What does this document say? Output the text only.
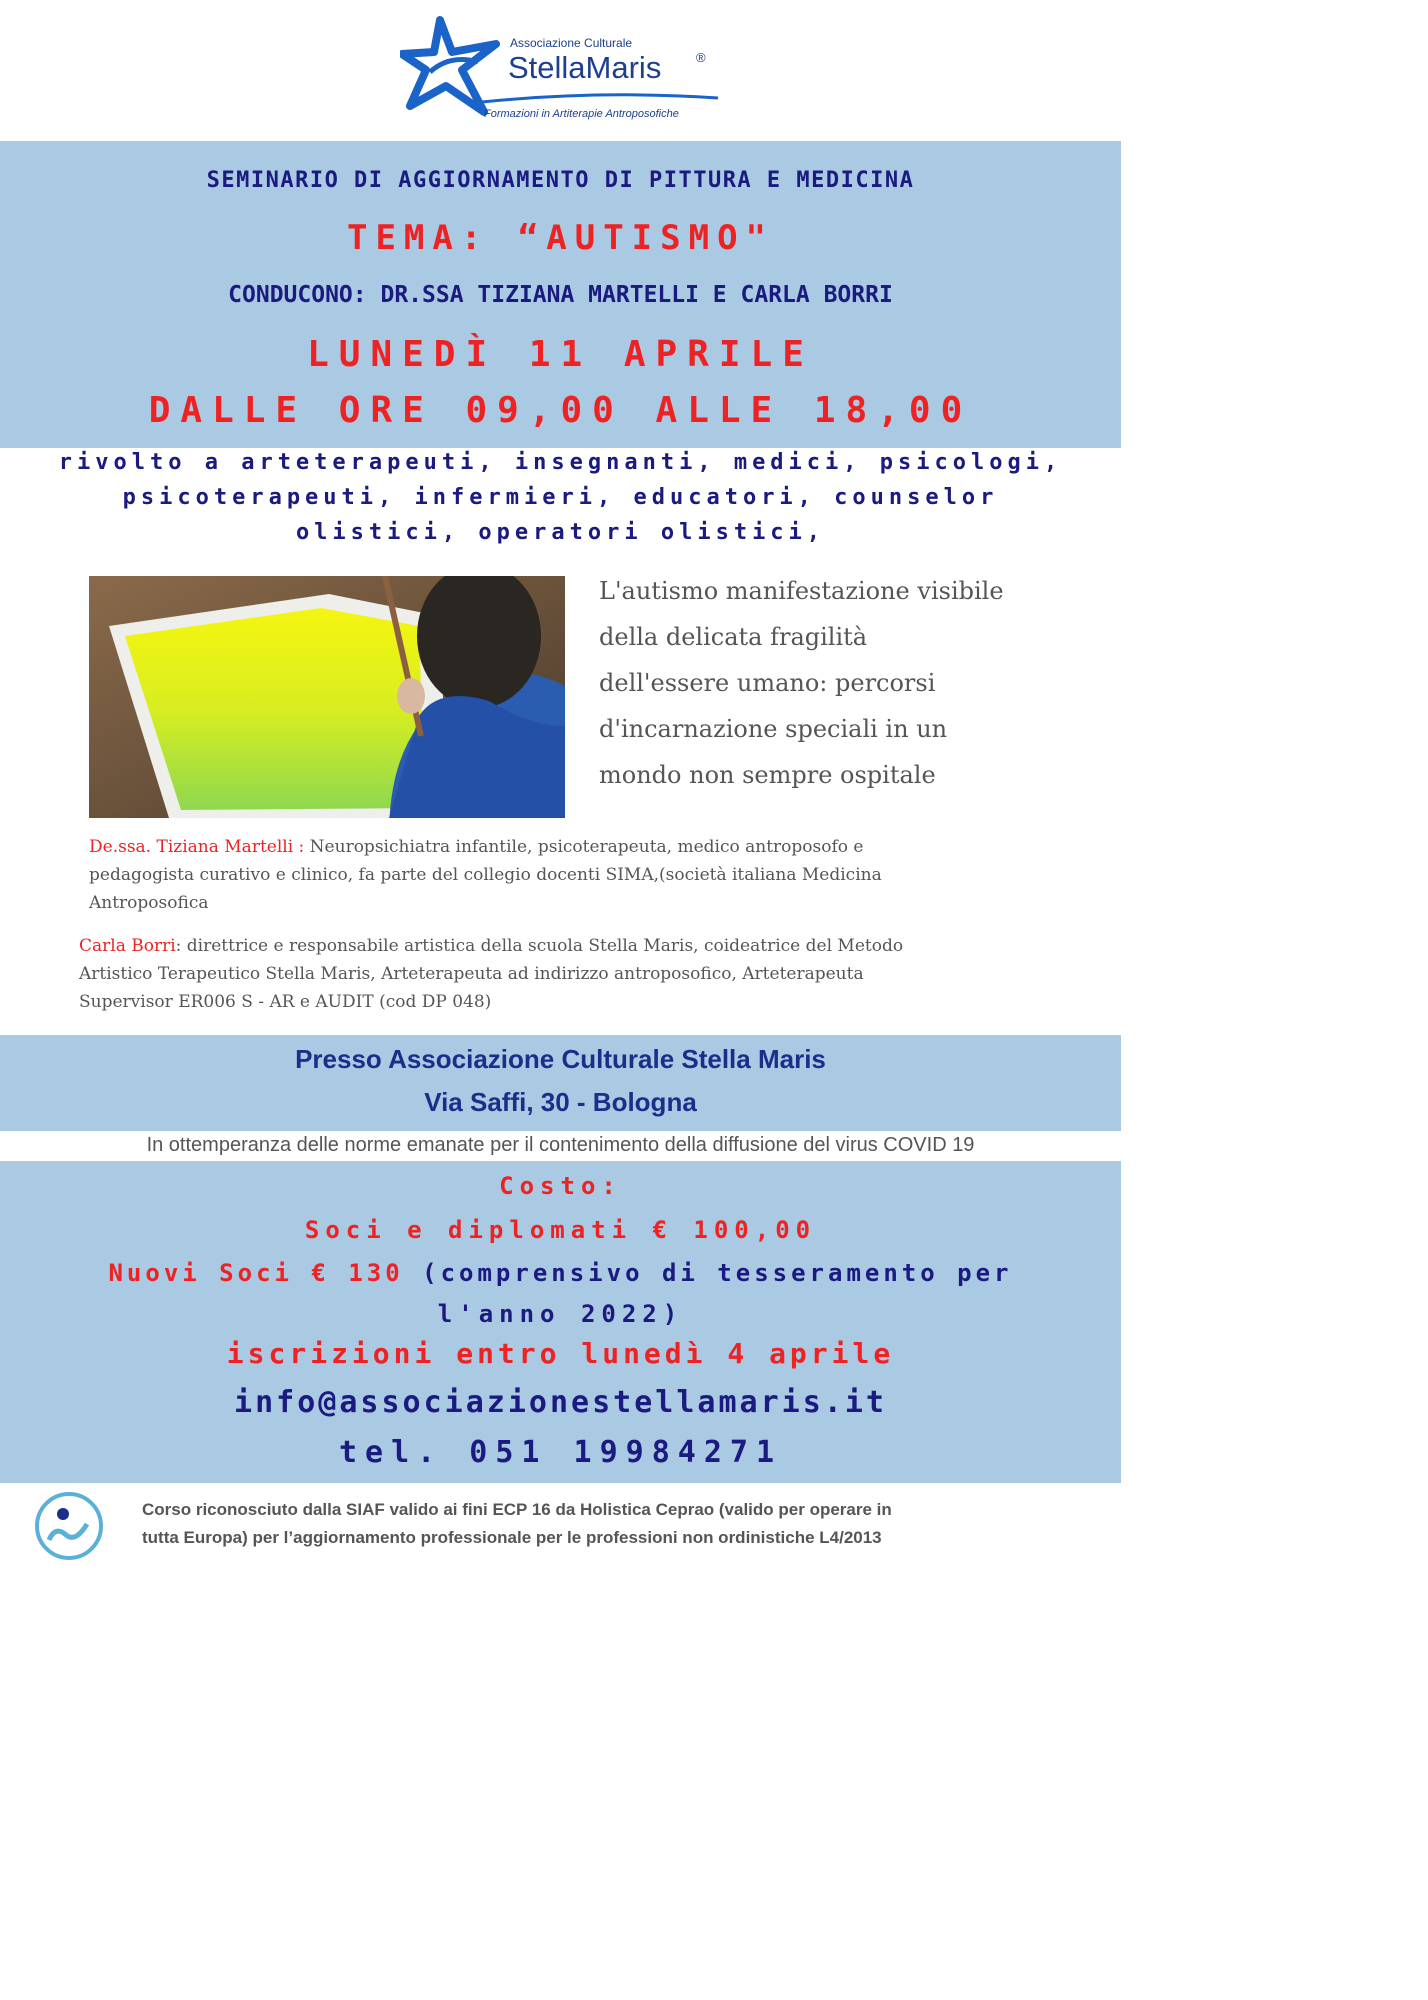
Associazione Culturale
StellaMaris	®
Formazioni in Artiterapie Antroposofiche
SEMINARIO DI AGGIORNAMENTO DI PITTURA E MEDICINA
TEMA: “AUTISMO"
CONDUCONO: DR.SSA TIZIANA MARTELLI E CARLA BORRI
LUNEDÌ 11 APRILE
DALLE ORE 09,00 ALLE 18,00
rivolto a arteterapeuti, insegnanti, medici, psicologi,
psicoterapeuti, infermieri, educatori, counselor
olistici, operatori olistici,
L'autismo manifestazione visibile
della delicata fragilità
dell'essere umano: percorsi
d'incarnazione speciali in un
mondo non sempre ospitale
De.ssa. Tiziana Martelli : Neuropsichiatra infantile, psicoterapeuta, medico antroposofo e
pedagogista curativo e clinico, fa parte del collegio docenti SIMA,(società italiana Medicina
Antroposofica
Carla Borri: direttrice e responsabile artistica della scuola Stella Maris, coideatrice del Metodo
Artistico Terapeutico Stella Maris, Arteterapeuta ad indirizzo antroposofico, Arteterapeuta
Supervisor ER006 S - AR e AUDIT (cod DP 048)
Presso Associazione Culturale Stella Maris
Via Saffi, 30 - Bologna
In ottemperanza delle norme emanate per il contenimento della diffusione del virus COVID 19
Costo:
Soci e diplomati € 100,00
Nuovi Soci € 130 (comprensivo di tesseramento per
l'anno 2022)
iscrizioni entro lunedì 4 aprile
info@associazionestellamaris.it
tel. 051 19984271
Corso riconosciuto dalla SIAF valido ai fini ECP 16 da Holistica Ceprao (valido per operare in
tutta Europa) per l’aggiornamento professionale per le professioni non ordinistiche L4/2013
